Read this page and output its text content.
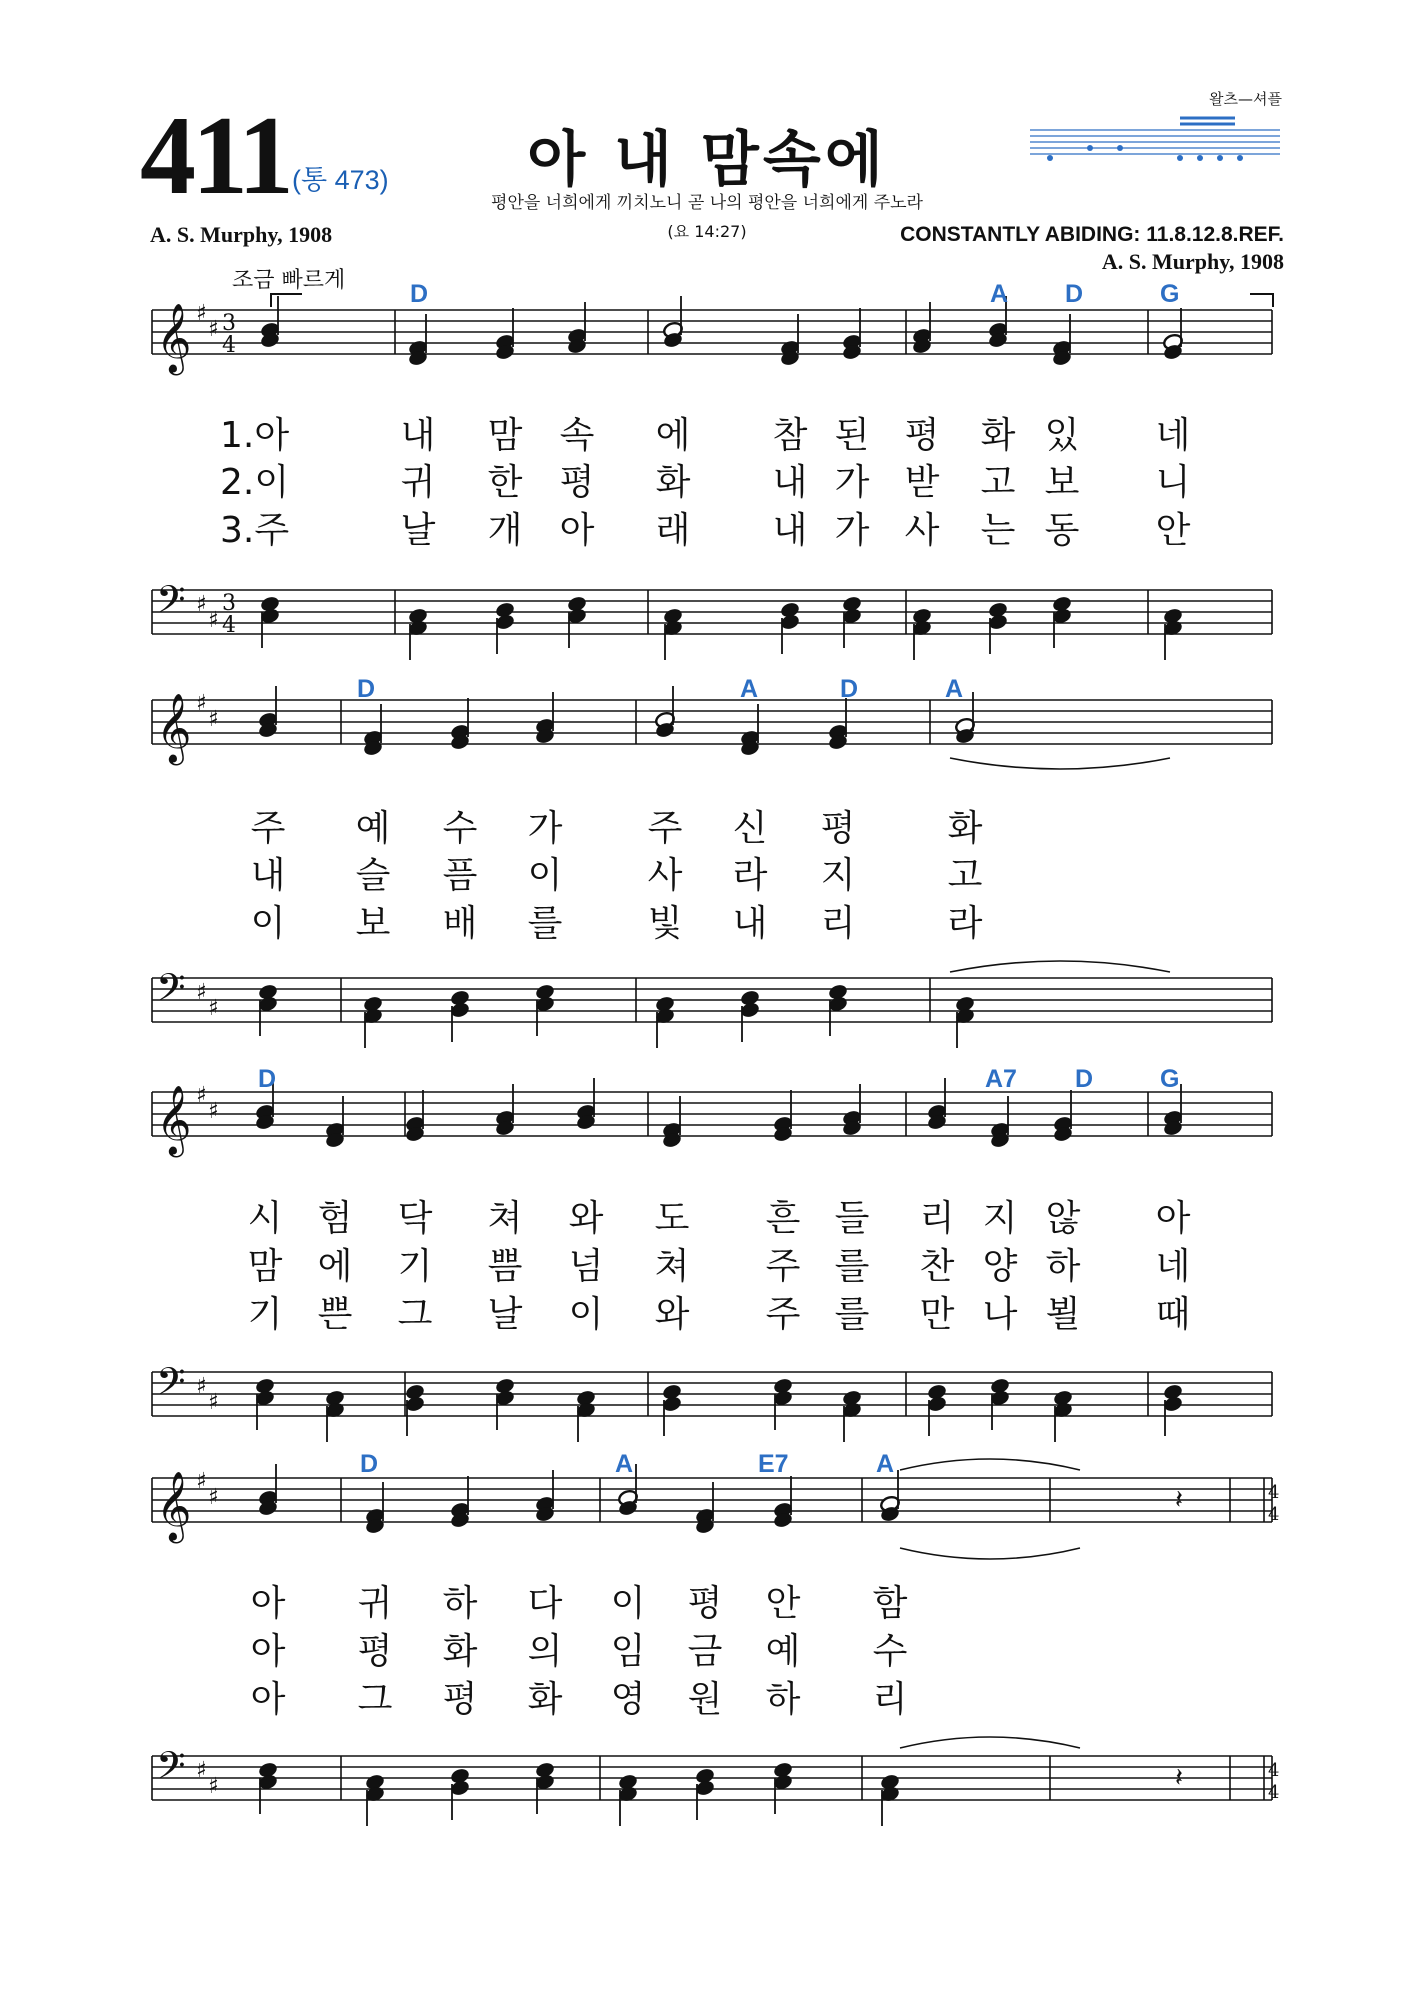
411 (통 473)	아 내 맘속에
평안을 너희에게 끼치노니 곧 나의 평안을 너희에게 주노라
(요 14:27)
A. S. Murphy, 1908	CONSTANTLY ABIDING: 11.8.12.8.REF.
A. S. Murphy, 1908
조금 빠르게
왈츠—셔플
𝄞
𝄢
♯
♯
♯
♯
3
4
3
4
𝄞
𝄢
♯
♯
♯
♯
𝄞
𝄢
♯
♯
♯
♯
𝄞
𝄢
♯
♯
♯
♯
4
4
4
4
𝄽
𝄽
D	A D	G
D	A	D	A
D	A7 D	G
D	A	E7	A
1.아	내 맘 속 에 참 된 평 화 있 네
2.이	귀 한 평 화 내 가 받 고 보 니
3.주	날 개 아 래 내 가 사 는 동 안
주 예 수 가 주 신 평	화
내 슬 픔 이 사 라 지	고
이 보 배 를 빛 내 리	라
시 험 닥 쳐 와 도 흔 들 리 지 않 아
맘 에 기 쁨 넘 쳐 주 를 찬 양 하 네
기 쁜 그 날 이 와 주 를 만 나 뵐 때
아 귀 하 다 이 평 안 함
아 평 화 의 임 금 예 수
아 그 평 화 영 원 하 리
